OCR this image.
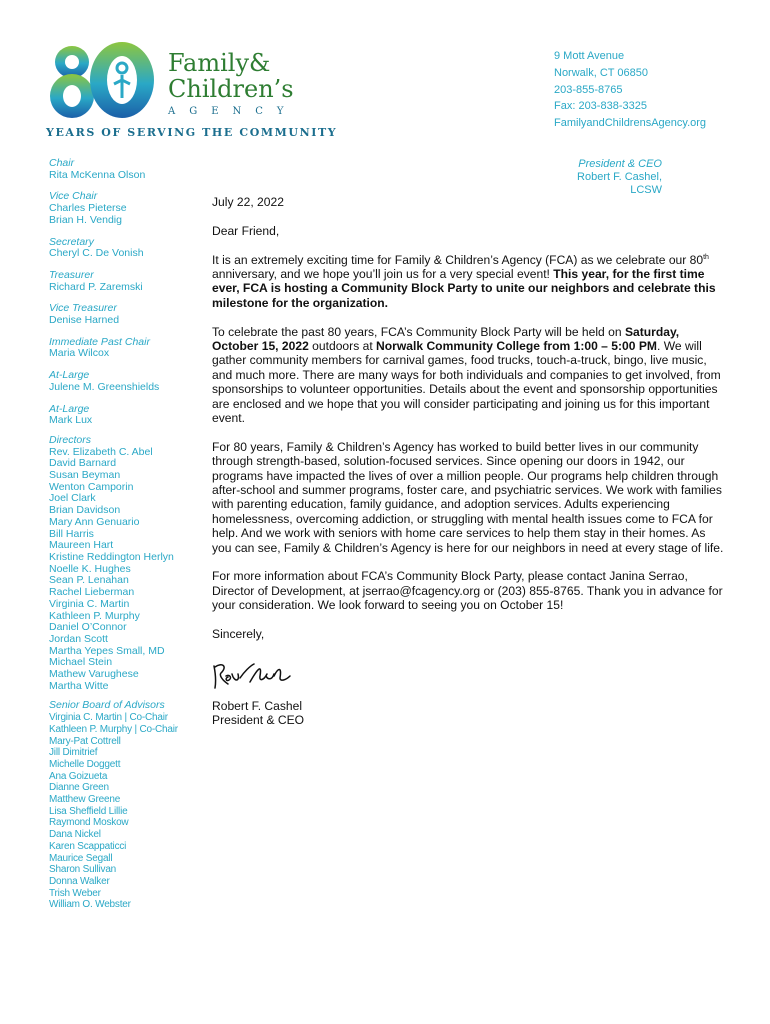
Family&
Children’s
AGENCY
YEARS OF SERVING THE COMMUNITY
9 Mott Avenue
Norwalk, CT 06850
203-855-8765
Fax: 203-838-3325
FamilyandChildrensAgency.org
President & CEO
Robert F. Cashel, LCSW
Chair
Rita McKenna Olson
Vice Chair
Charles Pieterse
Brian H. Vendig
Secretary
Cheryl C. De Vonish
Treasurer
Richard P. Zaremski
Vice Treasurer
Denise Harned
Immediate Past Chair
Maria Wilcox
At-Large
Julene M. Greenshields
At-Large
Mark Lux
Directors
Rev. Elizabeth C. Abel
David Barnard
Susan Beyman
Wenton Camporin
Joel Clark
Brian Davidson
Mary Ann Genuario
Bill Harris
Maureen Hart
Kristine Reddington Herlyn
Noelle K. Hughes
Sean P. Lenahan
Rachel Lieberman
Virginia C. Martin
Kathleen P. Murphy
Daniel O’Connor
Jordan Scott
Martha Yepes Small, MD
Michael Stein
Mathew Varughese
Martha Witte
Senior Board of Advisors
Virginia C. Martin | Co-Chair
Kathleen P. Murphy | Co-Chair
Mary-Pat Cottrell
Jill Dimitrief
Michelle Doggett
Ana Goizueta
Dianne Green
Matthew Greene
Lisa Sheffield Lillie
Raymond Moskow
Dana Nickel
Karen Scappaticci
Maurice Segall
Sharon Sullivan
Donna Walker
Trish Weber
William O. Webster
July 22, 2022

Dear Friend,

It is an extremely exciting time for Family & Children’s Agency (FCA) as we celebrate our 80th anniversary, and we hope you’ll join us for a very special event! This year, for the first time ever, FCA is hosting a Community Block Party to unite our neighbors and celebrate this milestone for the organization.

To celebrate the past 80 years, FCA’s Community Block Party will be held on Saturday, October 15, 2022 outdoors at Norwalk Community College from 1:00 – 5:00 PM. We will gather community members for carnival games, food trucks, touch-a-truck, bingo, live music, and much more. There are many ways for both individuals and companies to get involved, from sponsorships to volunteer opportunities. Details about the event and sponsorship opportunities are enclosed and we hope that you will consider participating and joining us for this important event.

For 80 years, Family & Children’s Agency has worked to build better lives in our community through strength-based, solution-focused services. Since opening our doors in 1942, our programs have impacted the lives of over a million people. Our programs help children through after-school and summer programs, foster care, and psychiatric services. We work with families with parenting education, family guidance, and adoption services. Adults experiencing homelessness, overcoming addiction, or struggling with mental health issues come to FCA for help. And we work with seniors with home care services to help them stay in their homes. As you can see, Family & Children’s Agency is here for our neighbors in need at every stage of life.

For more information about FCA’s Community Block Party, please contact Janina Serrao, Director of Development, at jserrao@fcagency.org or (203) 855-8765. Thank you in advance for your consideration. We look forward to seeing you on October 15!

Sincerely,

Robert F. Cashel
President & CEO
